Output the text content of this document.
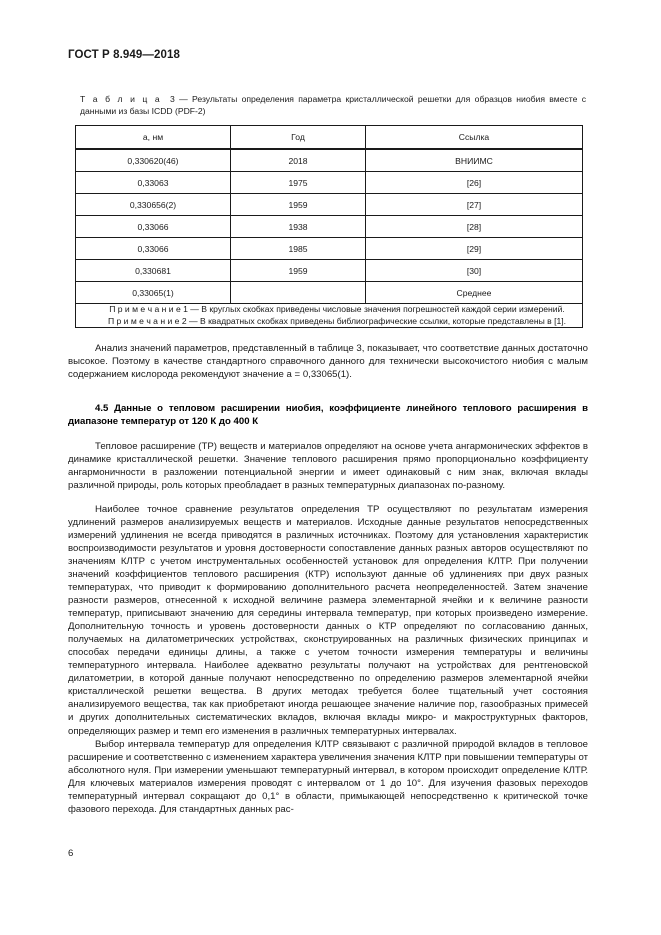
ГОСТ Р 8.949—2018
Т а б л и ц а 3 — Результаты определения параметра кристаллической решетки для образцов ниобия вместе с данными из базы ICDD (PDF-2)
а, нм	Год	Ссылка
0,330620(46)	2018	ВНИИМС
0,33063	1975	[26]
0,330656(2)	1959	[27]
0,33066	1938	[28]
0,33066	1985	[29]
0,330681	1959	[30]
0,33065(1)		Среднее

П р и м е ч а н и е 1 — В круглых скобках приведены числовые значения погрешностей каждой серии измерений.
П р и м е ч а н и е 2 — В квадратных скобках приведены библиографические ссылки, которые представлены в [1].		

Анализ значений параметров, представленный в таблице 3, показывает, что соответствие данных достаточно высокое. Поэтому в качестве стандартного справочного данного для технически высокочистого ниобия с малым содержанием кислорода рекомендуют значение а = 0,33065(1).

4.5 Данные о тепловом расширении ниобия, коэффициенте линейного теплового расширения в диапазоне температур от 120 К до 400 К

Тепловое расширение (ТР) веществ и материалов определяют на основе учета ангармонических эффектов в динамике кристаллической решетки. Значение теплового расширения прямо пропорционально коэффициенту ангармоничности в разложении потенциальной энергии и имеет одинаковый с ним знак, включая вклады различной природы, роль которых преобладает в разных температурных диапазонах по-разному.

Наиболее точное сравнение результатов определения ТР осуществляют по результатам измерения удлинений размеров анализируемых веществ и материалов. Исходные данные результатов непосредственных измерений удлинения не всегда приводятся в различных источниках. Поэтому для установления характеристик воспроизводимости результатов и уровня достоверности сопоставление данных разных авторов осуществляют по значениям КЛТР с учетом инструментальных особенностей установок для определения КЛТР. При получении значений коэффициентов теплового расширения (КТР) используют данные об удлинениях при двух разных температурах, что приводит к формированию дополнительного расчета неопределенностей. Затем значение разности размеров, отнесенной к исходной величине размера элементарной ячейки и к величине разности температур, приписывают значению для середины интервала температур, при которых произведено измерение. Дополнительную точность и уровень достоверности данных о КТР определяют по согласованию данных, получаемых на дилатометрических устройствах, сконструированных на различных физических принципах и способах передачи единицы длины, а также с учетом точности измерения температуры и величины температурного интервала. Наиболее адекватно результаты получают на устройствах для рентгеновской дилатометрии, в которой данные получают непосредственно по определению размеров элементарной ячейки кристаллической решетки вещества. В других методах требуется более тщательный учет состояния анализируемого вещества, так как приобретают иногда решающее значение наличие пор, газообразных примесей и других дополнительных систематических вкладов, включая вклады микро- и макроструктурных факторов, определяющих размер и темп его изменения в различных температурных интервалах.

Выбор интервала температур для определения КЛТР связывают с различной природой вкладов в тепловое расширение и соответственно с изменением характера увеличения значения КЛТР при повышении температуры от абсолютного нуля. При измерении уменьшают температурный интервал, в котором происходит определение КЛТР. Для ключевых материалов измерения проводят с интервалом от 1 до 10°. Для изучения фазовых переходов температурный интервал сокращают до 0,1° в области, примыкающей непосредственно к критической точке фазового перехода. Для стандартных данных рас-

6
